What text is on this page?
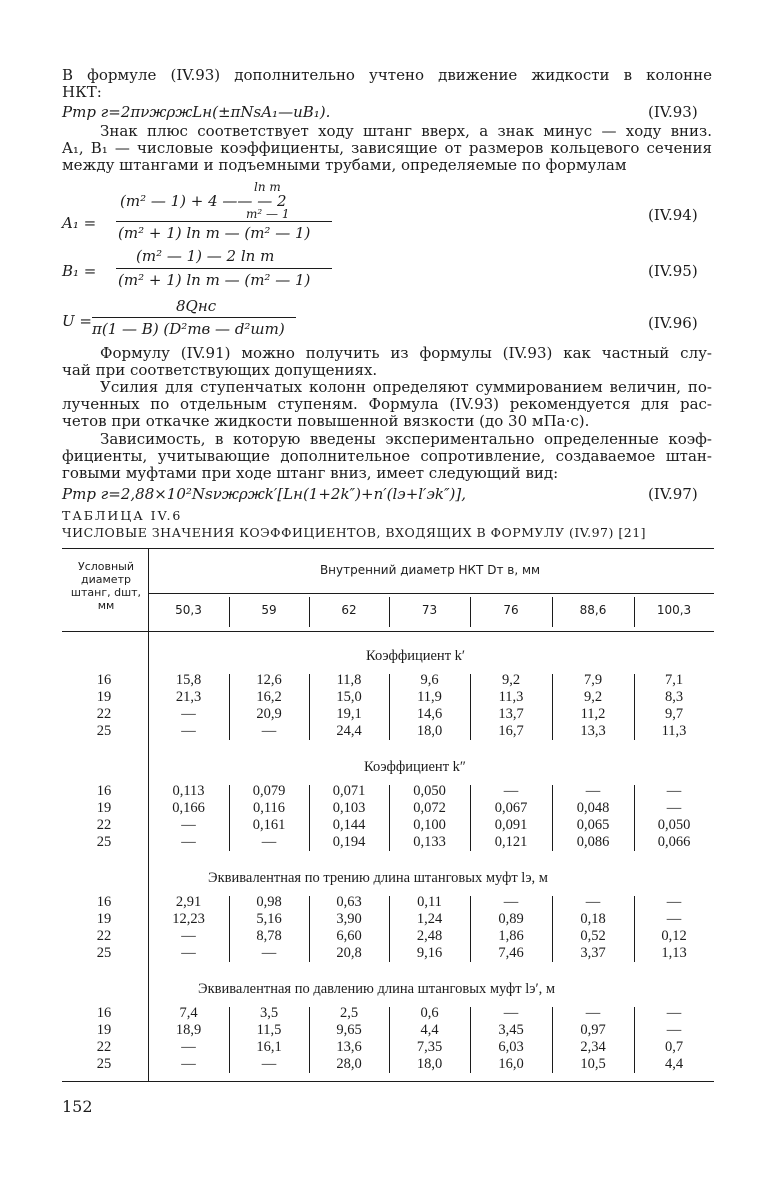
В формуле (IV.93) дополнительно учтено движение жидкости в колонне
НКТ:
Pтр г=2πνжρжLн(±πNsA₁—uB₁).	(IV.93)
Знак плюс соответствует ходу штанг вверх, а знак минус — ходу вниз.
A₁, B₁ — числовые коэффициенты, зависящие от размеров кольцевого сечения
между штангами и подъемными трубами, определяемые по формулам
A₁ =
ln m
(m² — 1) + 4 —— — 2
m² — 1
(m² + 1) ln m — (m² — 1)
(IV.94)
B₁ =
(m² — 1) — 2 ln m
(m² + 1) ln m — (m² — 1)	(IV.95)
U =
8Qнс
π(1 — B) (D²тв — d²шт)	(IV.96)
Формулу (IV.91) можно получить из формулы (IV.93) как частный слу-
чай при соответствующих допущениях.
Усилия для ступенчатых колонн определяют суммированием величин, по-
лученных по отдельным ступеням. Формула (IV.93) рекомендуется для рас-
четов при откачке жидкости повышенной вязкости (до 30 мПа·с).
Зависимость, в которую введены экспериментально определенные коэф-
фициенты, учитывающие дополнительное сопротивление, создаваемое штан-
говыми муфтами при ходе штанг вниз, имеет следующий вид:
Pтр г=2,88×10²Nsνжρжk′[Lн(1+2k″)+n′(lэ+l′эk″)],	(IV.97)
ТАБЛИЦА IV.6
ЧИСЛОВЫЕ ЗНАЧЕНИЯ КОЭФФИЦИЕНТОВ, ВХОДЯЩИХ В ФОРМУЛУ (IV.97) [21]
Условный диаметр штанг, dшт, мм
Внутренний диаметр НКТ Dт в, мм
50,3	59	62	73	76	88,6	100,3
Коэффициент k′
16	15,8	12,6	11,8	9,6	9,2	7,9	7,1
19	21,3	16,2	15,0	11,9	11,3	9,2	8,3
22	—	20,9	19,1	14,6	13,7	11,2	9,7
25	—	—	24,4	18,0	16,7	13,3	11,3
Коэффициент k″
16	0,113	0,079	0,071	0,050	—	—	—
19	0,166	0,116	0,103	0,072	0,067	0,048	—
22	—	0,161	0,144	0,100	0,091	0,065	0,050
25	—	—	0,194	0,133	0,121	0,086	0,066
Эквивалентная по трению длина штанговых муфт lэ, м
16	2,91	0,98	0,63	0,11	—	—	—
19	12,23	5,16	3,90	1,24	0,89	0,18	—
22	—	8,78	6,60	2,48	1,86	0,52	0,12
25	—	—	20,8	9,16	7,46	3,37	1,13
Эквивалентная по давлению длина штанговых муфт lэ′, м
16	7,4	3,5	2,5	0,6	—	—	—
19	18,9	11,5	9,65	4,4	3,45	0,97	—
22	—	16,1	13,6	7,35	6,03	2,34	0,7
25	—	—	28,0	18,0	16,0	10,5	4,4
152
